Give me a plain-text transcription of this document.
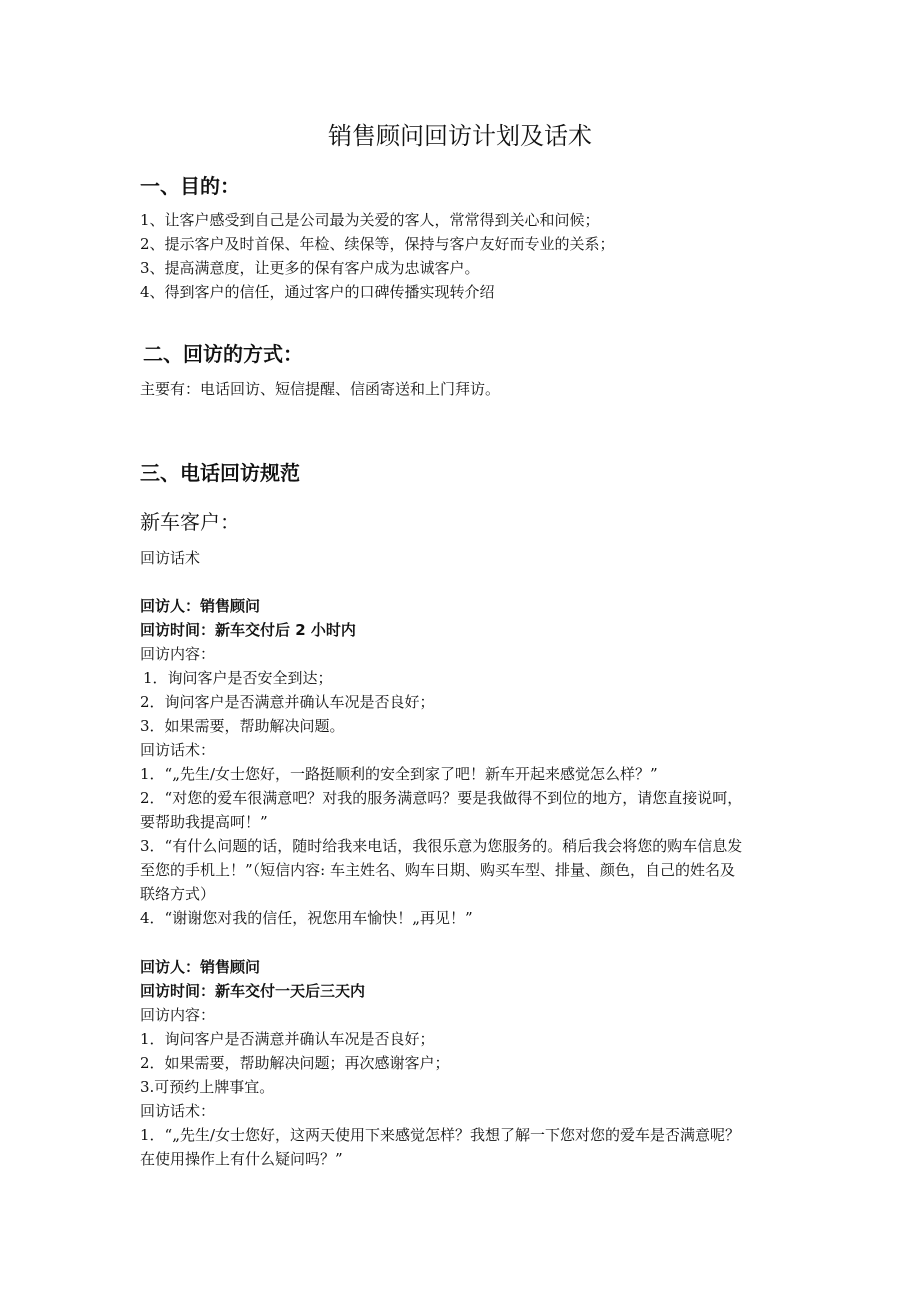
销售顾问回访计划及话术
一、目的：
1、让客户感受到自己是公司最为关爱的客人，常常得到关心和问候；
2、提示客户及时首保、年检、续保等，保持与客户友好而专业的关系；
3、提高满意度，让更多的保有客户成为忠诚客户。
4、得到客户的信任，通过客户的口碑传播实现转介绍
二、回访的方式：
主要有：电话回访、短信提醒、信函寄送和上门拜访。
三、电话回访规范
新车客户：
回访话术
回访人：销售顾问
回访时间：新车交付后 2 小时内
回访内容：
1．询问客户是否安全到达；
2．询问客户是否满意并确认车况是否良好；
3．如果需要，帮助解决问题。
回访话术：
1．“„先生/女士您好，一路挺顺利的安全到家了吧！新车开起来感觉怎么样？”
2．“对您的爱车很满意吧？对我的服务满意吗？要是我做得不到位的地方，请您直接说呵，
要帮助我提高呵！”
3．“有什么问题的话，随时给我来电话，我很乐意为您服务的。稍后我会将您的购车信息发
至您的手机上！”（短信内容: 车主姓名、购车日期、购买车型、排量、颜色，自己的姓名及
联络方式）
4．“谢谢您对我的信任，祝您用车愉快！„再见！”
回访人：销售顾问
回访时间：新车交付一天后三天内
回访内容：
1．询问客户是否满意并确认车况是否良好；
2．如果需要，帮助解决问题；再次感谢客户；
3.可预约上牌事宜。
回访话术：
1．“„先生/女士您好，这两天使用下来感觉怎样？我想了解一下您对您的爱车是否满意呢？
在使用操作上有什么疑问吗？”
